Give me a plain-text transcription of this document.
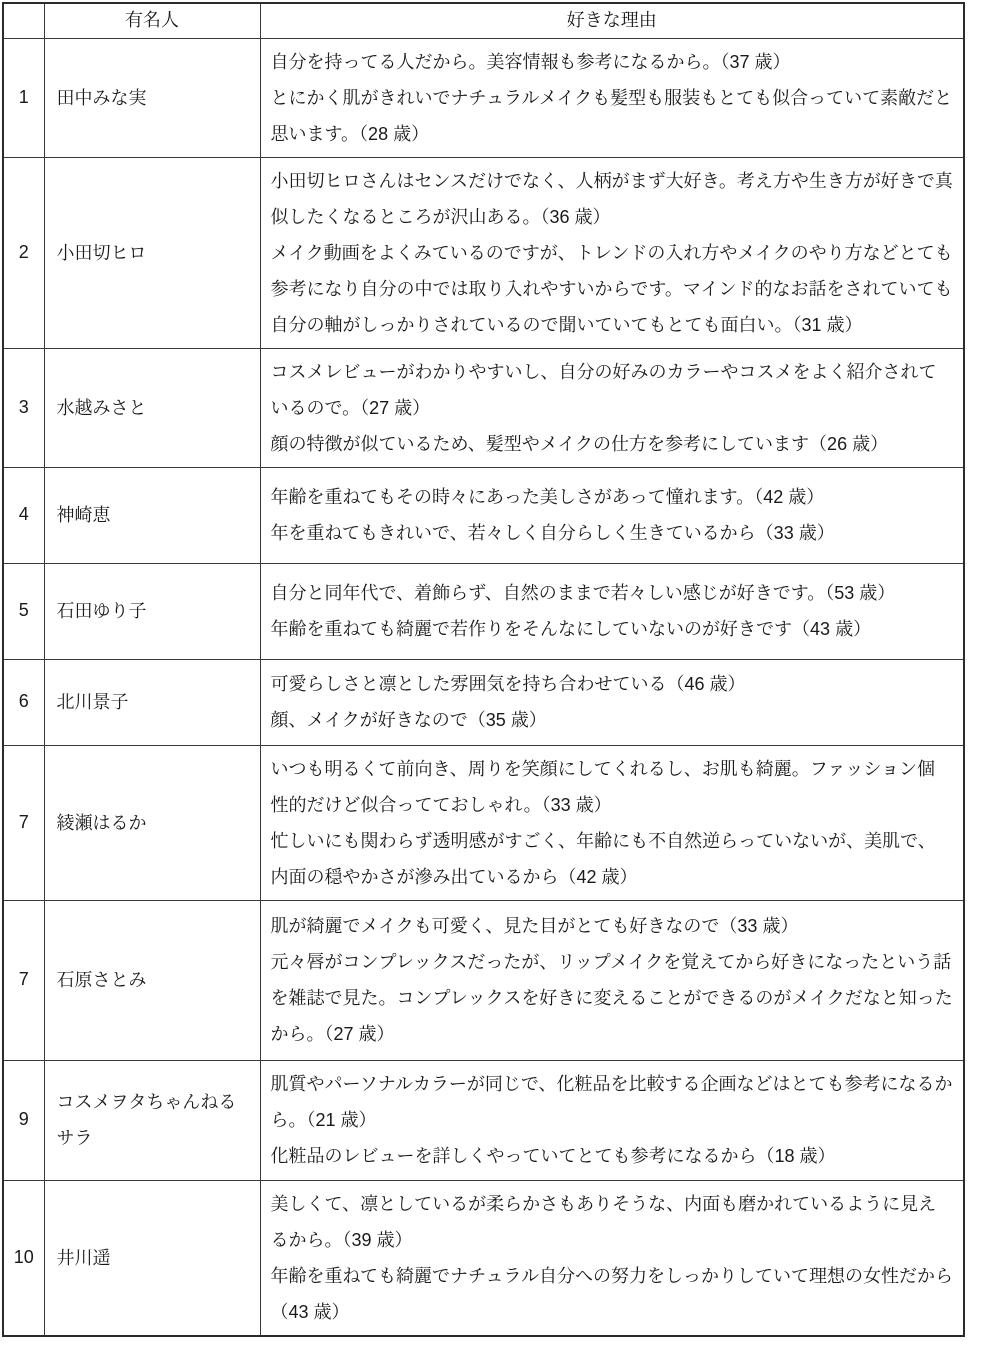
	有名人	好きな理由
1	田中みな実	自分を持ってる人だから。美容情報も参考になるから。（37 歳）

とにかく肌がきれいでナチュラルメイクも髪型も服装もとても似合っていて素敵だと思います。（28 歳）

2	小田切ヒロ	小田切ヒロさんはセンスだけでなく、人柄がまず大好き。考え方や生き方が好きで真似したくなるところが沢山ある。（36 歳）

メイク動画をよくみているのですが、トレンドの入れ方やメイクのやり方などとても参考になり自分の中では取り入れやすいからです。マインド的なお話をされていても自分の軸がしっかりされているので聞いていてもとても面白い。（31 歳）

3	水越みさと	コスメレビューがわかりやすいし、自分の好みのカラーやコスメをよく紹介されているので。（27 歳）

顔の特徴が似ているため、髪型やメイクの仕方を参考にしています（26 歳）

4	神崎恵	年齢を重ねてもその時々にあった美しさがあって憧れます。（42 歳）

年を重ねてもきれいで、若々しく自分らしく生きているから（33 歳）

5	石田ゆり子	自分と同年代で、着飾らず、自然のままで若々しい感じが好きです。（53 歳）

年齢を重ねても綺麗で若作りをそんなにしていないのが好きです（43 歳）

6	北川景子	可愛らしさと凛とした雰囲気を持ち合わせている（46 歳）

顔、メイクが好きなので（35 歳）

7	綾瀬はるか	いつも明るくて前向き、周りを笑顔にしてくれるし、お肌も綺麗。ファッション個性的だけど似合ってておしゃれ。（33 歳）

忙しいにも関わらず透明感がすごく、年齢にも不自然逆らっていないが、美肌で、内面の穏やかさが滲み出ているから（42 歳）

7	石原さとみ	肌が綺麗でメイクも可愛く、見た目がとても好きなので（33 歳）

元々唇がコンプレックスだったが、リップメイクを覚えてから好きになったという話を雑誌で見た。コンプレックスを好きに変えることができるのがメイクだなと知ったから。（27 歳）

9	コスメヲタちゃんねるサラ	肌質やパーソナルカラーが同じで、化粧品を比較する企画などはとても参考になるから。（21 歳）

化粧品のレビューを詳しくやっていてとても参考になるから（18 歳）

10	井川遥	美しくて、凛としているが柔らかさもありそうな、内面も磨かれているように見えるから。（39 歳）

年齢を重ねても綺麗でナチュラル自分への努力をしっかりしていて理想の女性だから（43 歳）
